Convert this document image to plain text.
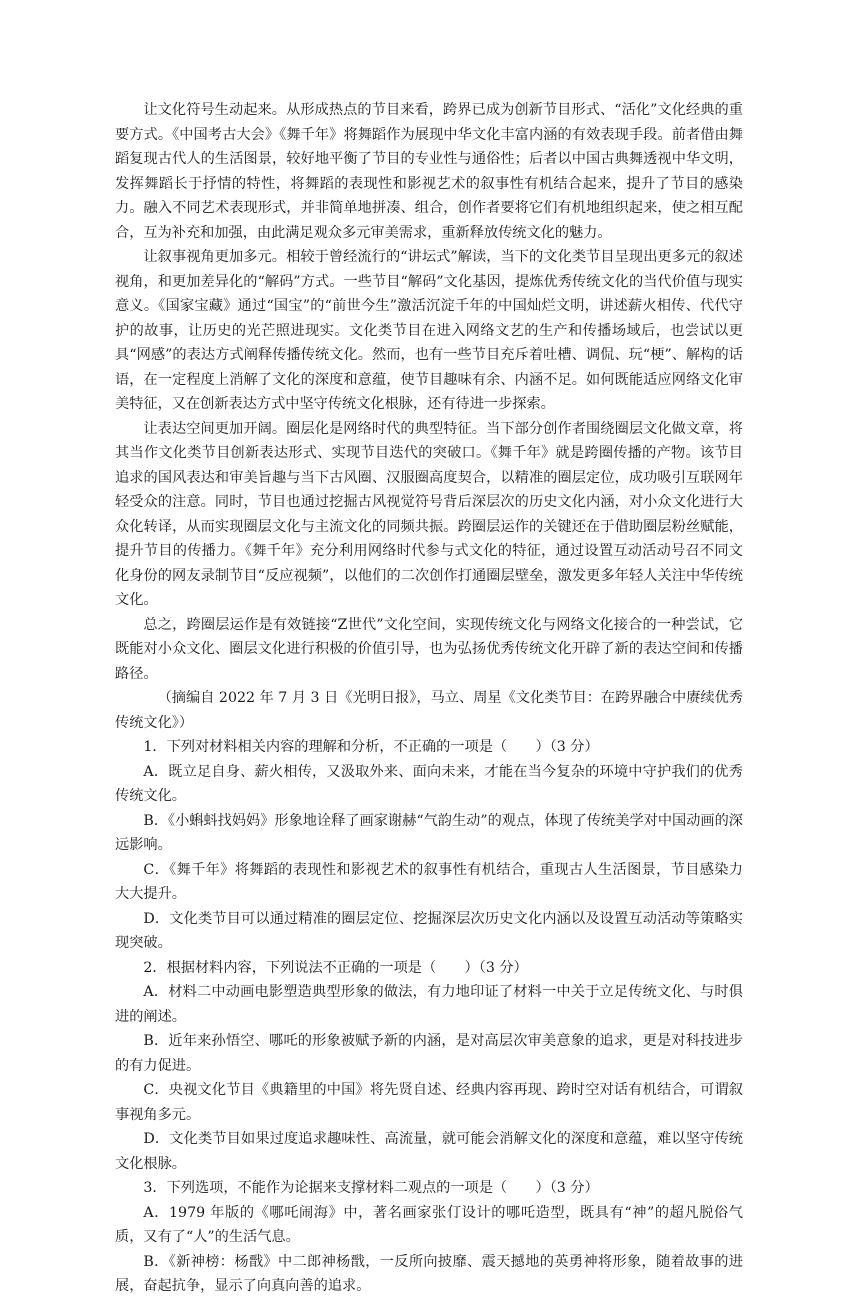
让文化符号生动起来。从形成热点的节目来看，跨界已成为创新节目形式、“活化”文化经典的重要方式。《中国考古大会》《舞千年》将舞蹈作为展现中华文化丰富内涵的有效表现手段。前者借由舞蹈复现古代人的生活图景，较好地平衡了节目的专业性与通俗性；后者以中国古典舞透视中华文明，发挥舞蹈长于抒情的特性，将舞蹈的表现性和影视艺术的叙事性有机结合起来，提升了节目的感染力。融入不同艺术表现形式，并非简单地拼凑、组合，创作者要将它们有机地组织起来，使之相互配合，互为补充和加强，由此满足观众多元审美需求，重新释放传统文化的魅力。

让叙事视角更加多元。相较于曾经流行的“讲坛式”解读，当下的文化类节目呈现出更多元的叙述视角，和更加差异化的“解码”方式。一些节目“解码”文化基因，提炼优秀传统文化的当代价值与现实意义。《国家宝藏》通过“国宝”的“前世今生”激活沉淀千年的中国灿烂文明，讲述薪火相传、代代守护的故事，让历史的光芒照进现实。文化类节目在进入网络文艺的生产和传播场域后，也尝试以更具“网感”的表达方式阐释传播传统文化。然而，也有一些节目充斥着吐槽、调侃、玩“梗”、解构的话语，在一定程度上消解了文化的深度和意蕴，使节目趣味有余、内涵不足。如何既能适应网络文化审美特征，又在创新表达方式中坚守传统文化根脉，还有待进一步探索。

让表达空间更加开阔。圈层化是网络时代的典型特征。当下部分创作者围绕圈层文化做文章，将其当作文化类节目创新表达形式、实现节目迭代的突破口。《舞千年》就是跨圈传播的产物。该节目追求的国风表达和审美旨趣与当下古风圈、汉服圈高度契合，以精准的圈层定位，成功吸引互联网年轻受众的注意。同时，节目也通过挖掘古风视觉符号背后深层次的历史文化内涵，对小众文化进行大众化转译，从而实现圈层文化与主流文化的同频共振。跨圈层运作的关键还在于借助圈层粉丝赋能，提升节目的传播力。《舞千年》充分利用网络时代参与式文化的特征，通过设置互动活动号召不同文化身份的网友录制节目“反应视频”，以他们的二次创作打通圈层壁垒，激发更多年轻人关注中华传统文化。

总之，跨圈层运作是有效链接“Z世代”文化空间，实现传统文化与网络文化接合的一种尝试，它既能对小众文化、圈层文化进行积极的价值引导，也为弘扬优秀传统文化开辟了新的表达空间和传播路径。

（摘编自 2022 年 7 月 3 日《光明日报》，马立、周星《文化类节目：在跨界融合中赓续优秀传统文化》）

1．下列对材料相关内容的理解和分析，不正确的一项是（　　）（3 分）

A．既立足自身、薪火相传，又汲取外来、面向未来，才能在当今复杂的环境中守护我们的优秀传统文化。

B．《小蝌蚪找妈妈》形象地诠释了画家谢赫“气韵生动”的观点，体现了传统美学对中国动画的深远影响。

C．《舞千年》将舞蹈的表现性和影视艺术的叙事性有机结合，重现古人生活图景，节目感染力大大提升。

D．文化类节目可以通过精准的圈层定位、挖掘深层次历史文化内涵以及设置互动活动等策略实现突破。

2．根据材料内容，下列说法不正确的一项是（　　）（3 分）

A．材料二中动画电影塑造典型形象的做法，有力地印证了材料一中关于立足传统文化、与时俱进的阐述。

B．近年来孙悟空、哪吒的形象被赋予新的内涵，是对高层次审美意象的追求，更是对科技进步的有力促进。

C．央视文化节目《典籍里的中国》将先贤自述、经典内容再现、跨时空对话有机结合，可谓叙事视角多元。

D．文化类节目如果过度追求趣味性、高流量，就可能会消解文化的深度和意蕴，难以坚守传统文化根脉。

3．下列选项，不能作为论据来支撑材料二观点的一项是（　　）（3 分）

A．1979 年版的《哪吒闹海》中，著名画家张仃设计的哪吒造型，既具有“神”的超凡脱俗气质，又有了“人”的生活气息。

B．《新神榜：杨戬》中二郎神杨戬，一反所向披靡、震天撼地的英勇神将形象，随着故事的进展，奋起抗争，显示了向真向善的追求。
